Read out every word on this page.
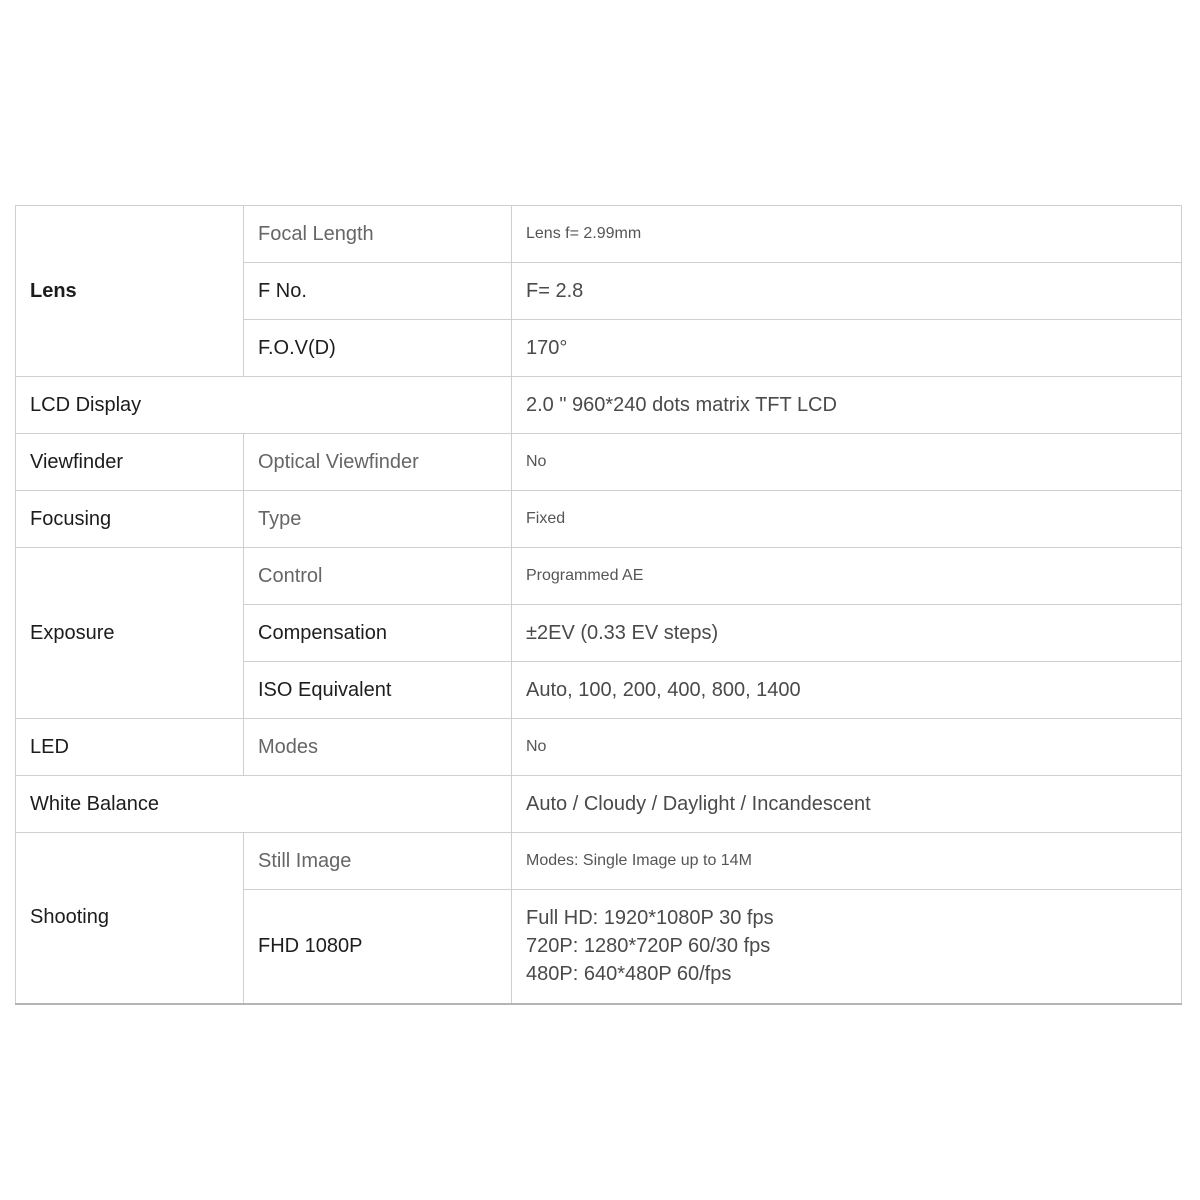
Lens	Focal Length	Lens f= 2.99mm
	F No.	F= 2.8
	F.O.V(D)	170°
LCD Display		2.0 " 960*240 dots matrix TFT LCD
Viewfinder	Optical Viewfinder	No
Focusing	Type	Fixed
Exposure	Control	Programmed AE
	Compensation	±2EV (0.33 EV steps)
	ISO Equivalent	Auto, 100, 200, 400, 800, 1400
LED	Modes	No
White Balance		Auto / Cloudy / Daylight / Incandescent
Shooting	Still Image	Modes: Single Image up to 14M
	FHD 1080P	Full HD: 1920*1080P 30 fps
720P: 1280*720P 60/30 fps
480P: 640*480P 60/fps
